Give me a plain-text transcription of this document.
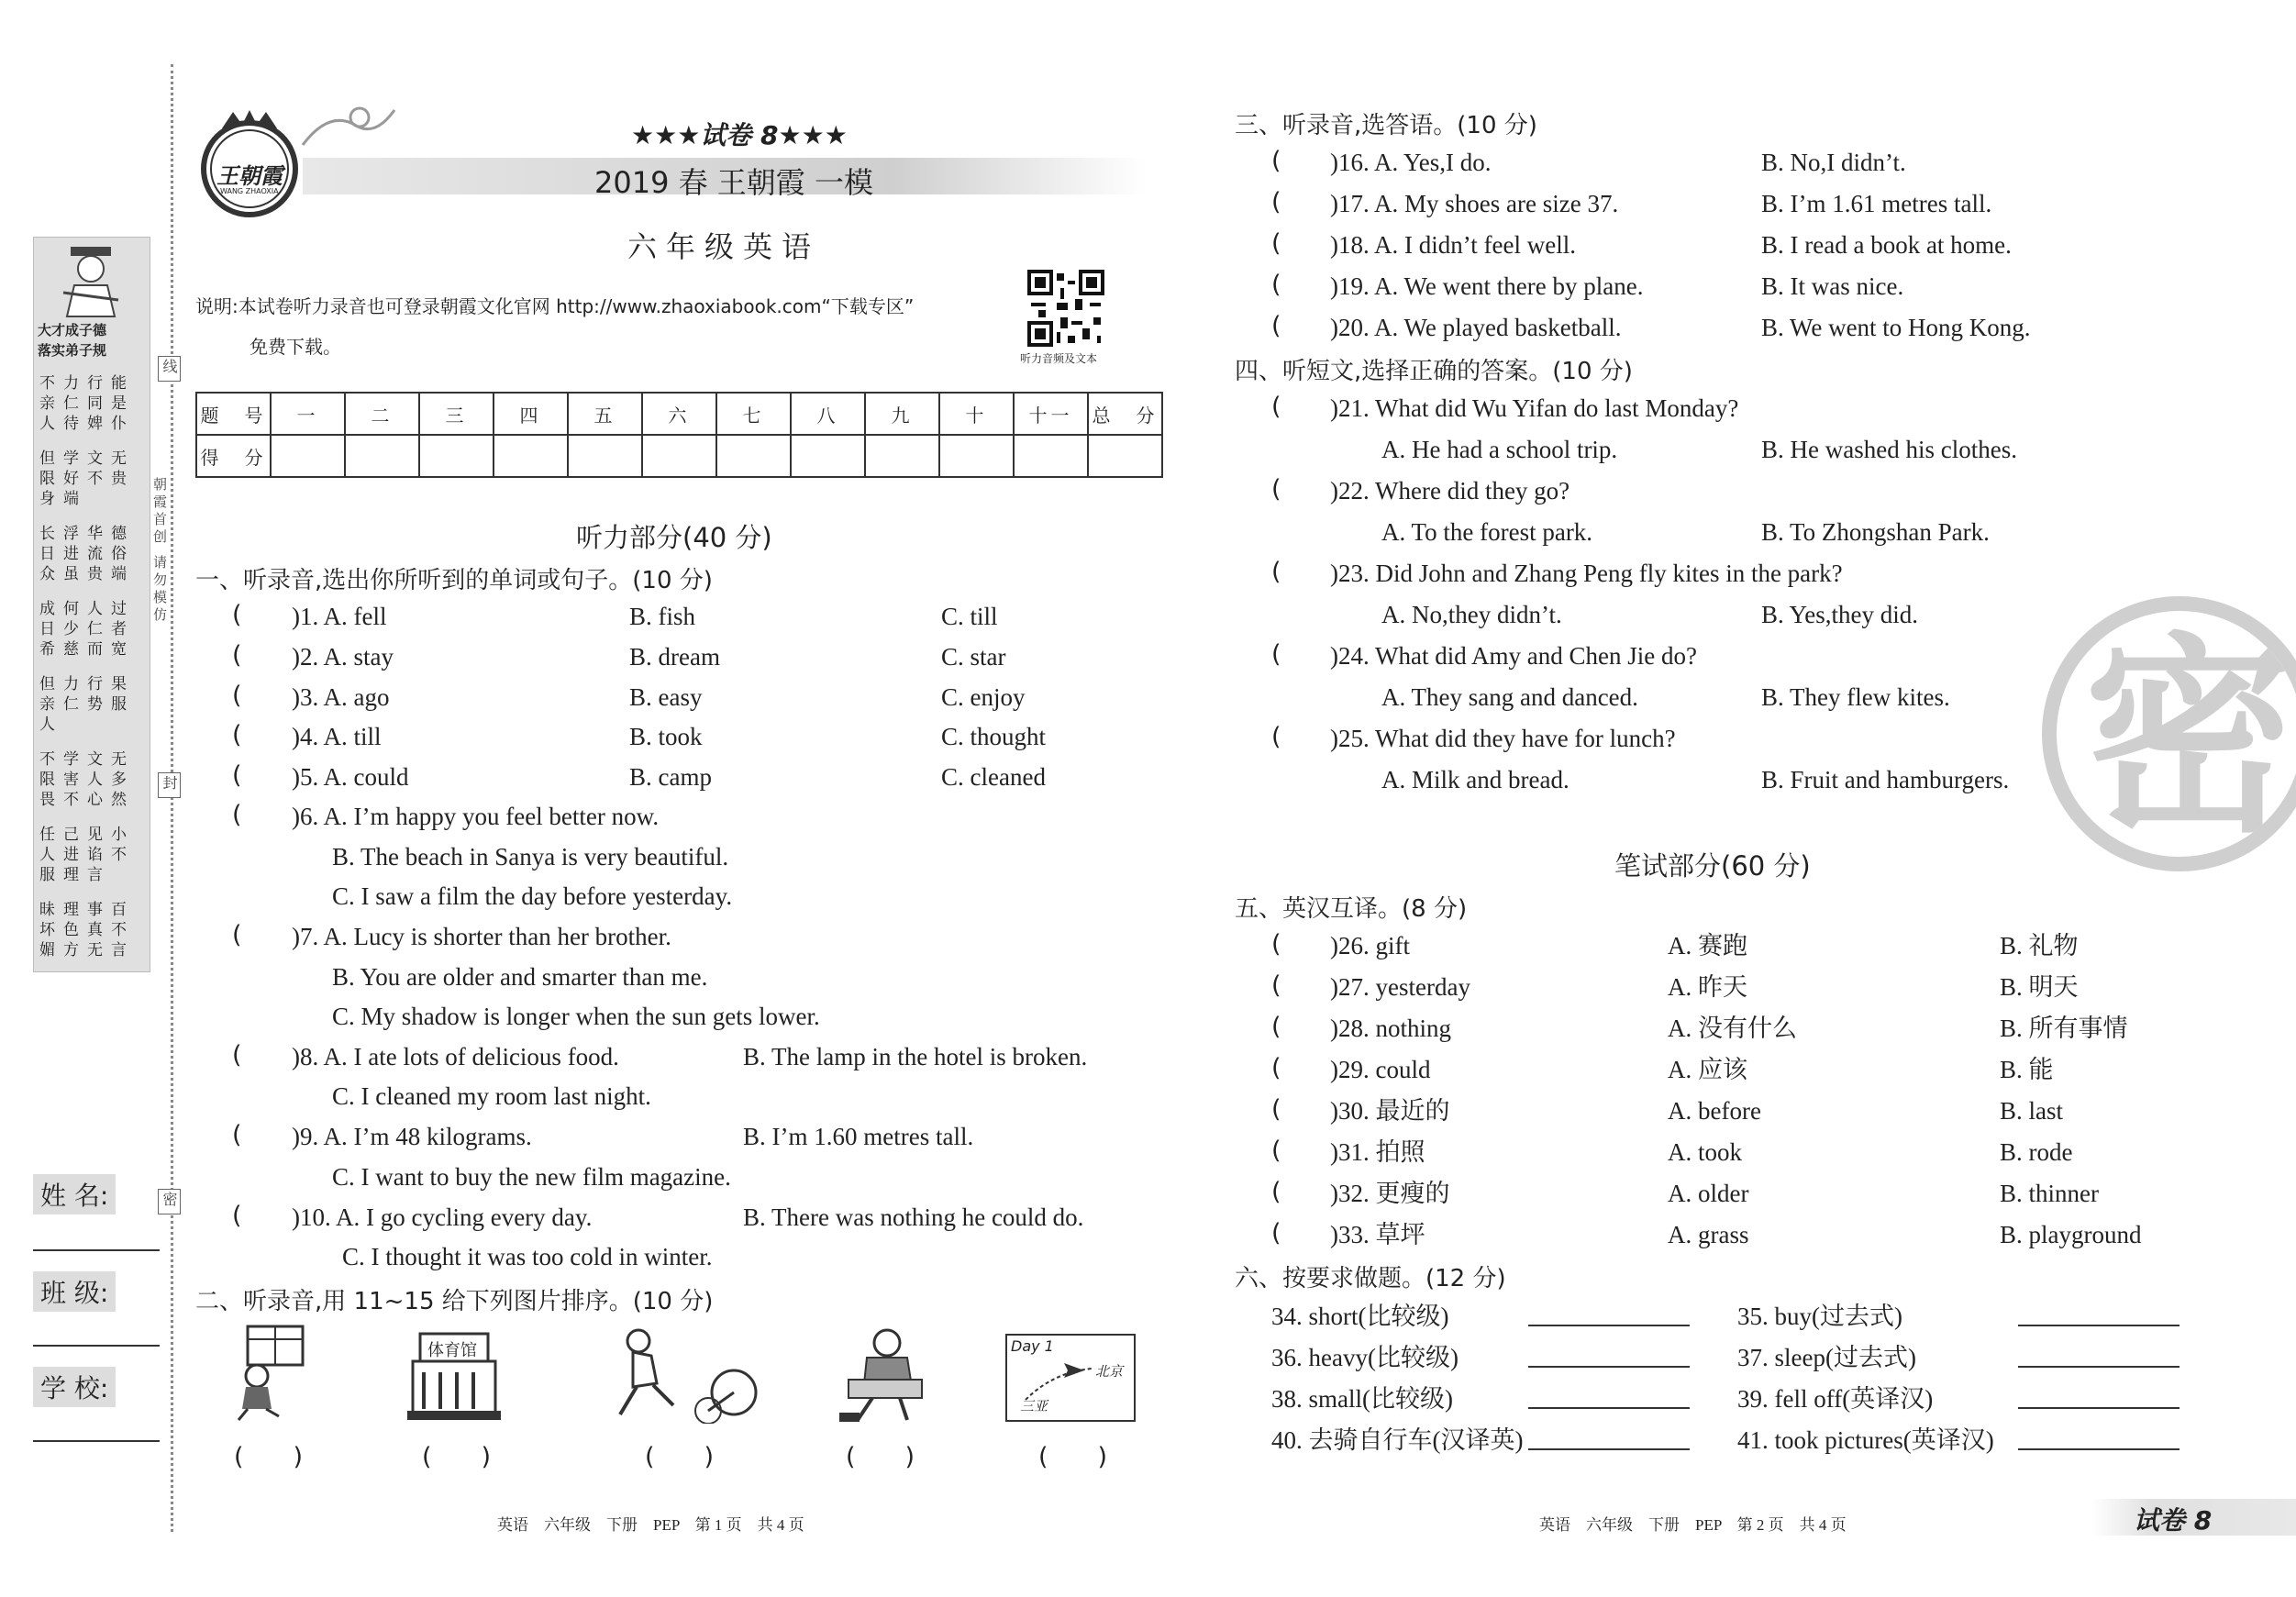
大才成子德
落实弟子规
不力行能亲仁同是人待婢仆
但学文无限好不贵身端
长浮华德日进流俗众虽贵端
成何人过日少仁者希慈而宽
但力行果亲仁势服人
不学文无限害人多畏不心然
任己见小人进谄不服理言
昧理事百坏色真不媚方无言
线
朝霞首创 请勿模仿
封
密
姓 名:
班 级:
学 校:
王朝霞
WANG ZHAOXIA
★★★试卷 8★★★
2019 春 王朝霞 一模
六年级英语
说明:本试卷听力录音也可登录朝霞文化官网 http://www.zhaoxiabook.com“下载专区”
免费下载。
听力音频及文本
题　号	一	二	三	四	五	六	七	八	九	十	十一	总　分
得　分												
听力部分(40 分)
一、听录音,选出你所听到的单词或句子。(10 分)
( )1. A. fell	B. fish	C. till
( )2. A. stay	B. dream	C. star
( )3. A. ago	B. easy	C. enjoy
( )4. A. till	B. took	C. thought
( )5. A. could	B. camp	C. cleaned
( )6. A. I’m happy you feel better now.
B. The beach in Sanya is very beautiful.
C. I saw a film the day before yesterday.
( )7. A. Lucy is shorter than her brother.
B. You are older and smarter than me.
C. My shadow is longer when the sun gets lower.
( )8. A. I ate lots of delicious food.	B. The lamp in the hotel is broken.
C. I cleaned my room last night.
( )9. A. I’m 48 kilograms.	B. I’m 1.60 metres tall.
C. I want to buy the new film magazine.
( )10. A. I go cycling every day.	B. There was nothing he could do.
C. I thought it was too cold in winter.
二、听录音,用 11~15 给下列图片排序。(10 分)
体育馆	Day 1
北京
三亚
(　　)	(　　)	(　　)	(　　)	(　　)
英语　六年级　下册　PEP　第 1 页　共 4 页
三、听录音,选答语。(10 分)
( )16. A. Yes,I do.	B. No,I didn’t.
( )17. A. My shoes are size 37.	B. I’m 1.61 metres tall.
( )18. A. I didn’t feel well.	B. I read a book at home.
( )19. A. We went there by plane.	B. It was nice.
( )20. A. We played basketball.	B. We went to Hong Kong.
四、听短文,选择正确的答案。(10 分)
( )21. What did Wu Yifan do last Monday?
A. He had a school trip.	B. He washed his clothes.
( )22. Where did they go?
A. To the forest park.	B. To Zhongshan Park.
( )23. Did John and Zhang Peng fly kites in the park?
A. No,they didn’t.	B. Yes,they did.
( )24. What did Amy and Chen Jie do?
A. They sang and danced.	B. They flew kites.
( )25. What did they have for lunch?
A. Milk and bread.	B. Fruit and hamburgers. 密
笔试部分(60 分)
五、英汉互译。(8 分)
( )26. gift	A. 赛跑	B. 礼物
( )27. yesterday	A. 昨天	B. 明天
( )28. nothing	A. 没有什么	B. 所有事情
( )29. could	A. 应该	B. 能
( )30. 最近的	A. before	B. last
( )31. 拍照	A. took	B. rode
( )32. 更瘦的	A. older	B. thinner
( )33. 草坪	A. grass	B. playground
六、按要求做题。(12 分)
34. short(比较级)	35. buy(过去式)
36. heavy(比较级)	37. sleep(过去式)
38. small(比较级)	39. fell off(英译汉)
40. 去骑自行车(汉译英)	41. took pictures(英译汉)
英语　六年级　下册　PEP　第 2 页　共 4 页	试卷 8
